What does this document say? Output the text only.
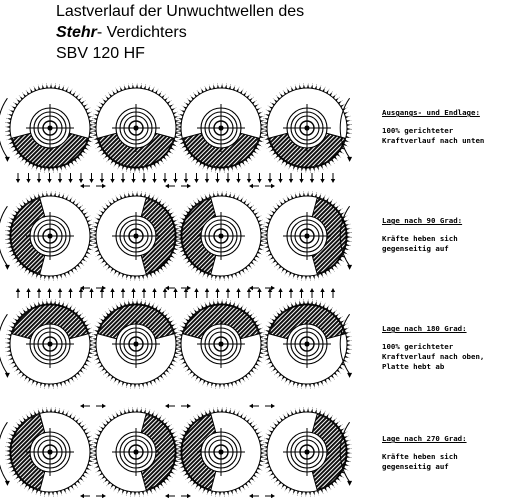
Lastverlauf der Unwuchtwellen des
Stehr- Verdichters
SBV 120 HF
Ausgangs- und Endlage:
100% gerichteter
Kraftverlauf nach unten
Lage nach 90 Grad:
Kräfte heben sich
gegenseitig auf
Lage nach 180 Grad:
100% gerichteter
Kraftverlauf nach oben,
Platte hebt ab
Lage nach 270 Grad:
Kräfte heben sich
gegenseitig auf
